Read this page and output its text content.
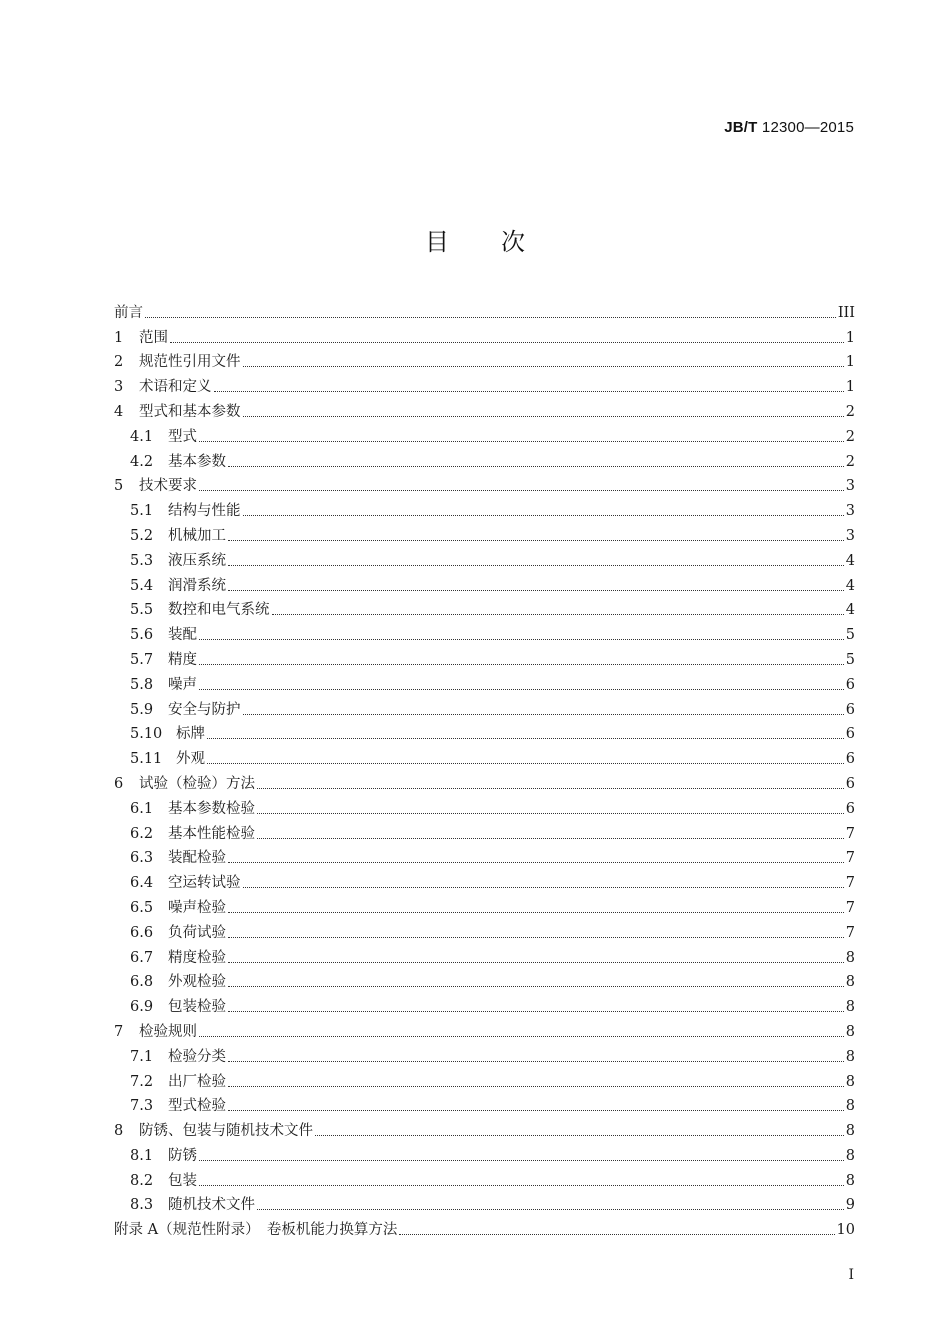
JB/T 12300—2015
目次
前言	III
1	范围	1
2	规范性引用文件	1
3	术语和定义	1
4	型式和基本参数	2
4.1	型式	2
4.2	基本参数	2
5	技术要求	3
5.1	结构与性能	3
5.2	机械加工	3
5.3	液压系统	4
5.4	润滑系统	4
5.5	数控和电气系统	4
5.6	装配	5
5.7	精度	5
5.8	噪声	6
5.9	安全与防护	6
5.10 标牌	6
5.11 外观	6
6	试验（检验）方法	6
6.1	基本参数检验	6
6.2	基本性能检验	7
6.3	装配检验	7
6.4	空运转试验	7
6.5	噪声检验	7
6.6	负荷试验	7
6.7	精度检验	8
6.8	外观检验	8
6.9	包装检验	8
7	检验规则	8
7.1	检验分类	8
7.2	出厂检验	8
7.3	型式检验	8
8	防锈、包装与随机技术文件	8
8.1	防锈	8
8.2	包装	8
8.3	随机技术文件	9
附录 A（规范性附录）　卷板机能力换算方法	10
I
